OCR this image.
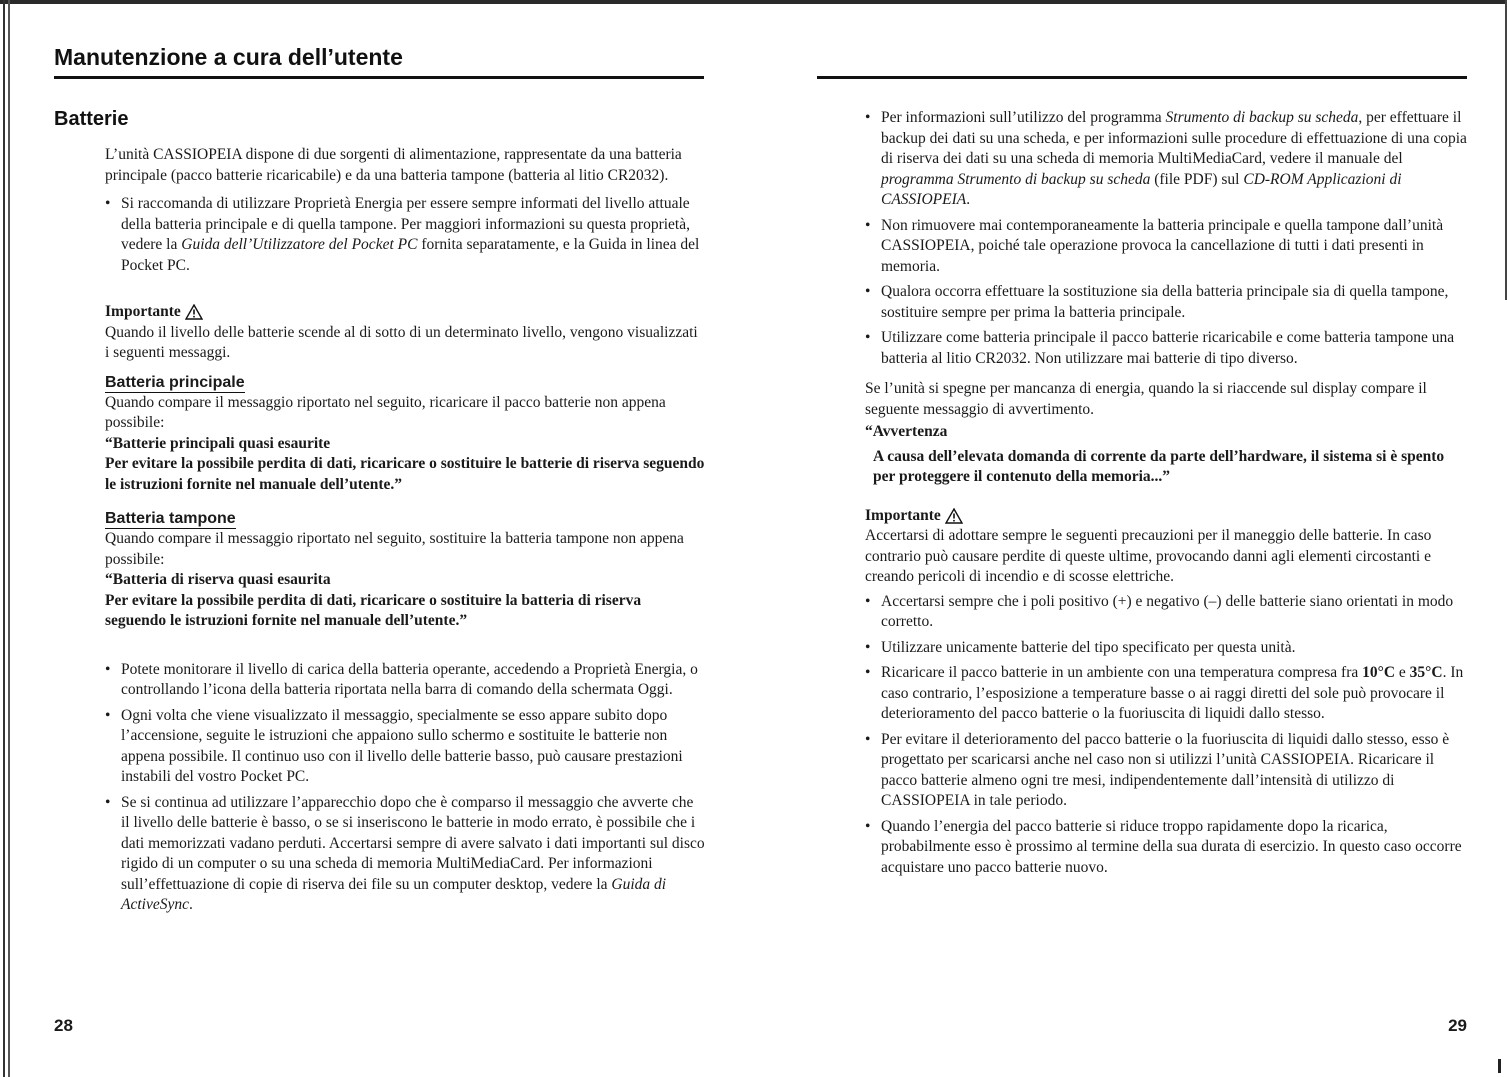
Manutenzione a cura dell’utente
Batterie

L’unità CASSIOPEIA dispone di due sorgenti di alimentazione, rappresentate da una batteria principale (pacco batterie ricaricabile) e da una batteria tampone (batteria al litio CR2032).

• Si raccomanda di utilizzare Proprietà Energia per essere sempre informati del livello attuale della batteria principale e di quella tampone. Per maggiori informazioni su questa proprietà, vedere la Guida dell’Utilizzatore del Pocket PC fornita separatamente, e la Guida in linea del Pocket PC.
Importante

Quando il livello delle batterie scende al di sotto di un determinato livello, vengono visualizzati i seguenti messaggi.

Batteria principale

Quando compare il messaggio riportato nel seguito, ricaricare il pacco batterie non appena possibile:

“Batterie principali quasi esaurite

Per evitare la possibile perdita di dati, ricaricare o sostituire le batterie di riserva seguendo le istruzioni fornite nel manuale dell’utente.”

Batteria tampone

Quando compare il messaggio riportato nel seguito, sostituire la batteria tampone non appena possibile:

“Batteria di riserva quasi esaurita

Per evitare la possibile perdita di dati, ricaricare o sostituire la batteria di riserva seguendo le istruzioni fornite nel manuale dell’utente.”

• Potete monitorare il livello di carica della batteria operante, accedendo a Proprietà Energia, o controllando l’icona della batteria riportata nella barra di comando della schermata Oggi.
• Ogni volta che viene visualizzato il messaggio, specialmente se esso appare subito dopo l’accensione, seguite le istruzioni che appaiono sullo schermo e sostituite le batterie non appena possibile. Il continuo uso con il livello delle batterie basso, può causare prestazioni instabili del vostro Pocket PC.
• Se si continua ad utilizzare l’apparecchio dopo che è comparso il messaggio che avverte che il livello delle batterie è basso, o se si inseriscono le batterie in modo errato, è possibile che i dati memorizzati vadano perduti. Accertarsi sempre di avere salvato i dati importanti sul disco rigido di un computer o su una scheda di memoria MultiMediaCard. Per informazioni sull’effettuazione di copie di riserva dei file su un computer desktop, vedere la Guida di ActiveSync.
28
• Per informazioni sull’utilizzo del programma Strumento di backup su scheda, per effettuare il backup dei dati su una scheda, e per informazioni sulle procedure di effettuazione di una copia di riserva dei dati su una scheda di memoria MultiMediaCard, vedere il manuale del programma Strumento di backup su scheda (file PDF) sul CD-ROM Applicazioni di CASSIOPEIA.
• Non rimuovere mai contemporaneamente la batteria principale e quella tampone dall’unità CASSIOPEIA, poiché tale operazione provoca la cancellazione di tutti i dati presenti in memoria.
• Qualora occorra effettuare la sostituzione sia della batteria principale sia di quella tampone, sostituire sempre per prima la batteria principale.
• Utilizzare come batteria principale il pacco batterie ricaricabile e come batteria tampone una batteria al litio CR2032. Non utilizzare mai batterie di tipo diverso.

Se l’unità si spegne per mancanza di energia, quando la si riaccende sul display compare il seguente messaggio di avvertimento.

“Avvertenza

A causa dell’elevata domanda di corrente da parte dell’hardware, il sistema si è spento per proteggere il contenuto della memoria...”

Importante

Accertarsi di adottare sempre le seguenti precauzioni per il maneggio delle batterie. In caso contrario può causare perdite di queste ultime, provocando danni agli elementi circostanti e creando pericoli di incendio e di scosse elettriche.

• Accertarsi sempre che i poli positivo (+) e negativo (–) delle batterie siano orientati in modo corretto.
• Utilizzare unicamente batterie del tipo specificato per questa unità.
• Ricaricare il pacco batterie in un ambiente con una temperatura compresa fra 10°C e 35°C. In caso contrario, l’esposizione a temperature basse o ai raggi diretti del sole può provocare il deterioramento del pacco batterie o la fuoriuscita di liquidi dallo stesso.
• Per evitare il deterioramento del pacco batterie o la fuoriuscita di liquidi dallo stesso, esso è progettato per scaricarsi anche nel caso non si utilizzi l’unità CASSIOPEIA. Ricaricare il pacco batterie almeno ogni tre mesi, indipendentemente dall’intensità di utilizzo di CASSIOPEIA in tale periodo.
• Quando l’energia del pacco batterie si riduce troppo rapidamente dopo la ricarica, probabilmente esso è prossimo al termine della sua durata di esercizio. In questo caso occorre acquistare uno pacco batterie nuovo.
29
